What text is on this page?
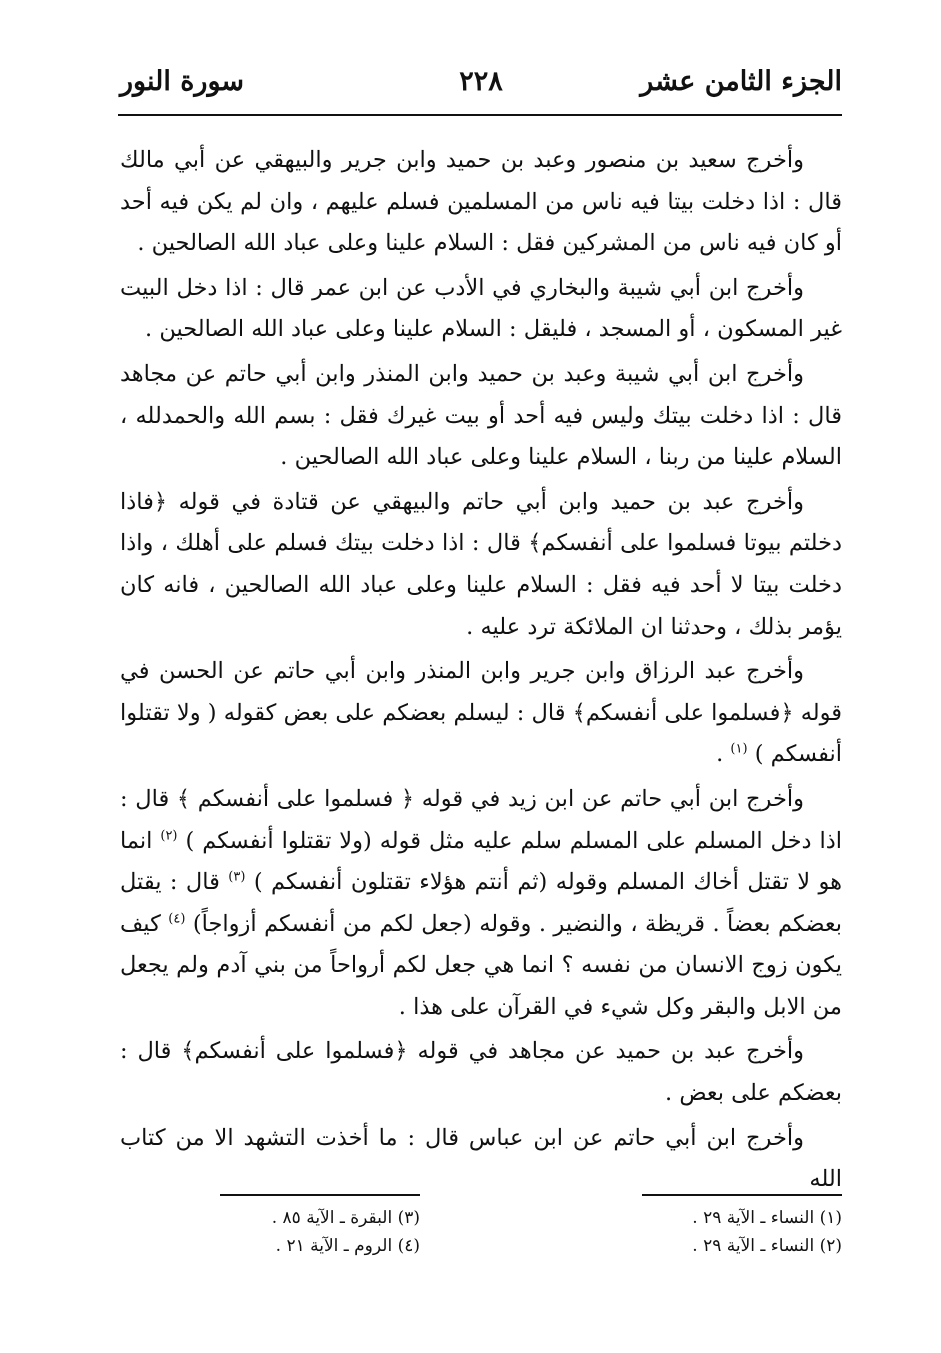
الجزء الثامن عشر
٢٢٨
سورة النور

وأخرج سعيد بن منصور وعبد بن حميد وابن جرير والبيهقي عن أبي مالك قال : اذا دخلت بيتا فيه ناس من المسلمين فسلم عليهم ، وان لم يكن فيه أحد أو كان فيه ناس من المشركين فقل : السلام علينا وعلى عباد الله الصالحين .

وأخرج ابن أبي شيبة والبخاري في الأدب عن ابن عمر قال : اذا دخل البيت غير المسكون ، أو المسجد ، فليقل : السلام علينا وعلى عباد الله الصالحين .

وأخرج ابن أبي شيبة وعبد بن حميد وابن المنذر وابن أبي حاتم عن مجاهد قال : اذا دخلت بيتك وليس فيه أحد أو بيت غيرك فقل : بسم الله والحمدلله ، السلام علينا من ربنا ، السلام علينا وعلى عباد الله الصالحين .

وأخرج عبد بن حميد وابن أبي حاتم والبيهقي عن قتادة في قوله ﴿فاذا دخلتم بيوتا فسلموا على أنفسكم﴾ قال : اذا دخلت بيتك فسلم على أهلك ، واذا دخلت بيتا لا أحد فيه فقل : السلام علينا وعلى عباد الله الصالحين ، فانه كان يؤمر بذلك ، وحدثنا ان الملائكة ترد عليه .

وأخرج عبد الرزاق وابن جرير وابن المنذر وابن أبي حاتم عن الحسن في قوله ﴿فسلموا على أنفسكم﴾ قال : ليسلم بعضكم على بعض كقوله ( ولا تقتلوا أنفسكم ) $^{(١)}$ .

وأخرج ابن أبي حاتم عن ابن زيد في قوله ﴿ فسلموا على أنفسكم ﴾ قال : اذا دخل المسلم على المسلم سلم عليه مثل قوله (ولا تقتلوا أنفسكم ) $^{(٢)}$ انما هو لا تقتل أخاك المسلم وقوله (ثم أنتم هؤلاء تقتلون أنفسكم ) $^{(٣)}$ قال : يقتل بعضكم بعضاً . قريظة ، والنضير . وقوله (جعل لكم من أنفسكم أزواجاً) $^{(٤)}$ كيف يكون زوج الانسان من نفسه ؟ انما هي جعل لكم أرواحاً من بني آدم ولم يجعل من الابل والبقر وكل شيء في القرآن على هذا .

وأخرج عبد بن حميد عن مجاهد في قوله ﴿فسلموا على أنفسكم﴾ قال : بعضكم على بعض .

وأخرج ابن أبي حاتم عن ابن عباس قال : ما أخذت التشهد الا من كتاب الله

(١) النساء ـ الآية ٢٩ .
(٢) النساء ـ الآية ٢٩ .
(٣) البقرة ـ الآية ٨٥ .
(٤) الروم ـ الآية ٢١ .
